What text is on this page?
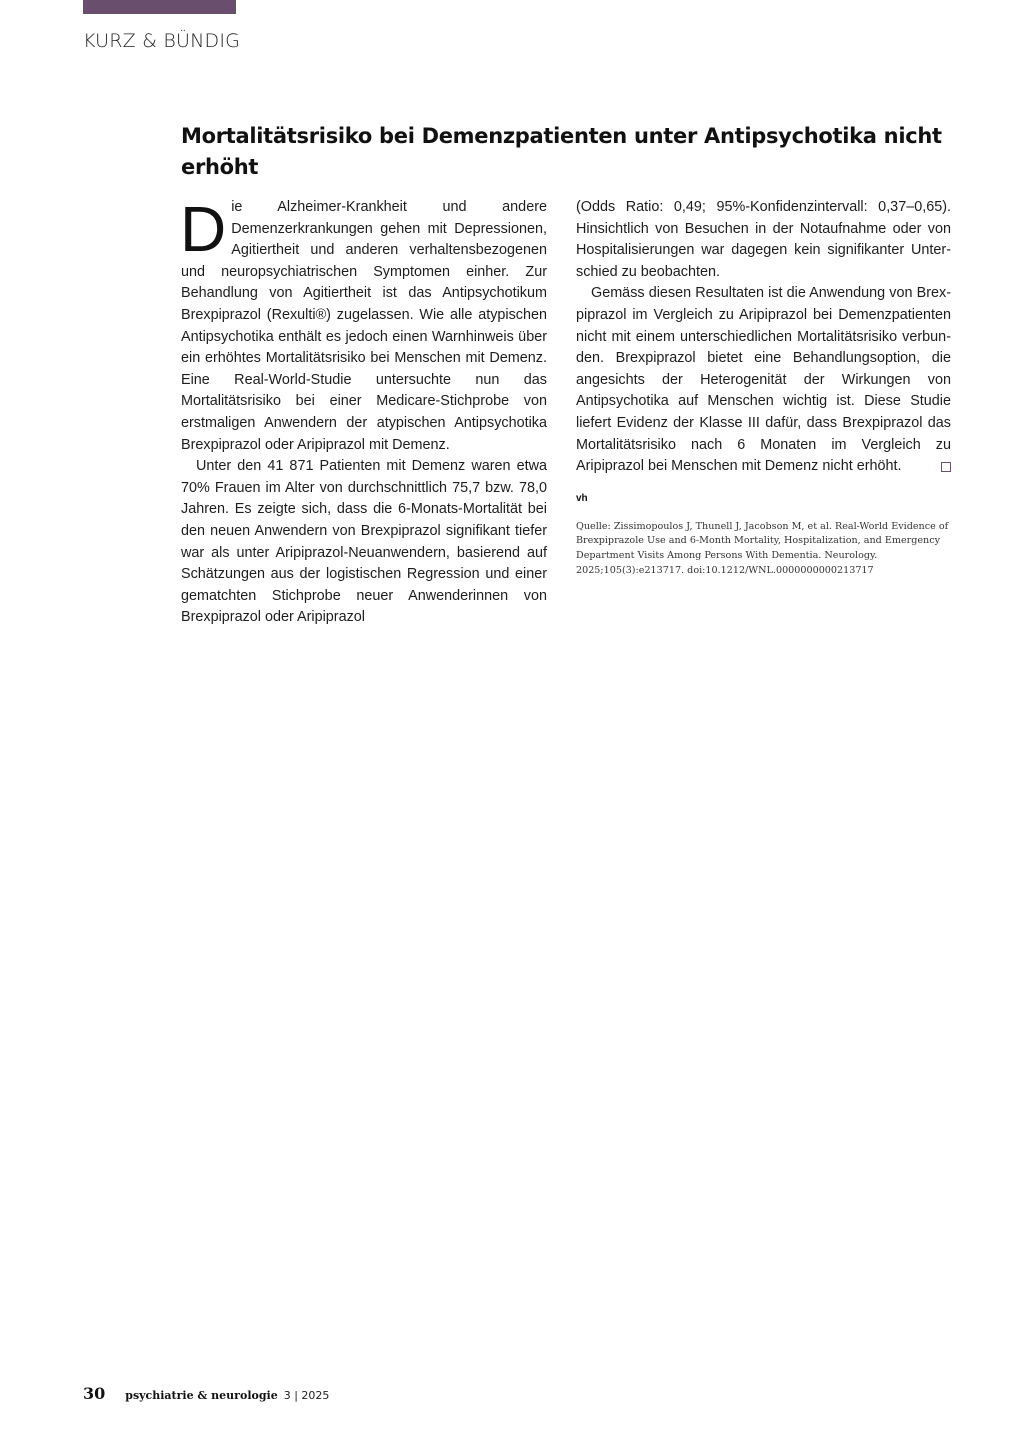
KURZ & BÜNDIG
Mortalitätsrisiko bei Demenzpatienten unter Antipsychotika nicht erhöht

Die Alzheimer-Krankheit und andere Demenzerkrankungen gehen mit Depressionen, Agitiertheit und anderen verhaltensbezogenen und neuropsychiatrischen Symptomen einher. Zur Behandlung von Agitiertheit ist das Antipsychotikum Brexpiprazol (Rexulti®) zugelassen. Wie alle atypischen Antipsychotika enthält es jedoch einen Warnhinweis über ein erhöhtes Mortalitätsrisiko bei Menschen mit Demenz. Eine Real-World-Studie untersuchte nun das Mortalitätsrisiko bei einer Medicare-Stichprobe von erstmaligen Anwendern der atypischen Antipsychotika Brexpiprazol oder Aripiprazol mit Demenz.

Unter den 41 871 Patienten mit Demenz waren etwa 70% Frauen im Alter von durchschnittlich 75,7 bzw. 78,0 Jahren. Es zeigte sich, dass die 6-Monats-Mortalität bei den neuen Anwendern von Brexpiprazol signifikant tiefer war als unter Aripiprazol-Neuanwendern, basierend auf Schätzungen aus der logistischen Regression und einer gematchten Stichprobe neuer Anwenderinnen von Brexpiprazol oder Aripiprazol

(Odds Ratio: 0,49; 95%-Konfidenzintervall: 0,37–0,65). Hinsichtlich von Besuchen in der Notaufnahme oder von Hospitalisierungen war dagegen kein signifikanter Unterschied zu beobachten.

Gemäss diesen Resultaten ist die Anwendung von Brexpiprazol im Vergleich zu Aripiprazol bei Demenzpatienten nicht mit einem unterschiedlichen Mortalitätsrisiko verbunden. Brexpiprazol bietet eine Behandlungsoption, die angesichts der Heterogenität der Wirkungen von Antipsychotika auf Menschen wichtig ist. Diese Studie liefert Evidenz der Klasse III dafür, dass Brexpiprazol das Mortalitätsrisiko nach 6 Monaten im Vergleich zu Aripiprazol bei Menschen mit Demenz nicht erhöht.

vh
Quelle: Zissimopoulos J, Thunell J, Jacobson M, et al. Real-World Evidence of Brexpiprazole Use and 6-Month Mortality, Hospitalization, and Emergency Department Visits Among Persons With Dementia. Neurology. 2025;105(3):e213717. doi:10.1212/WNL.0000000000213717
30 psychiatrie & neurologie 3 | 2025
